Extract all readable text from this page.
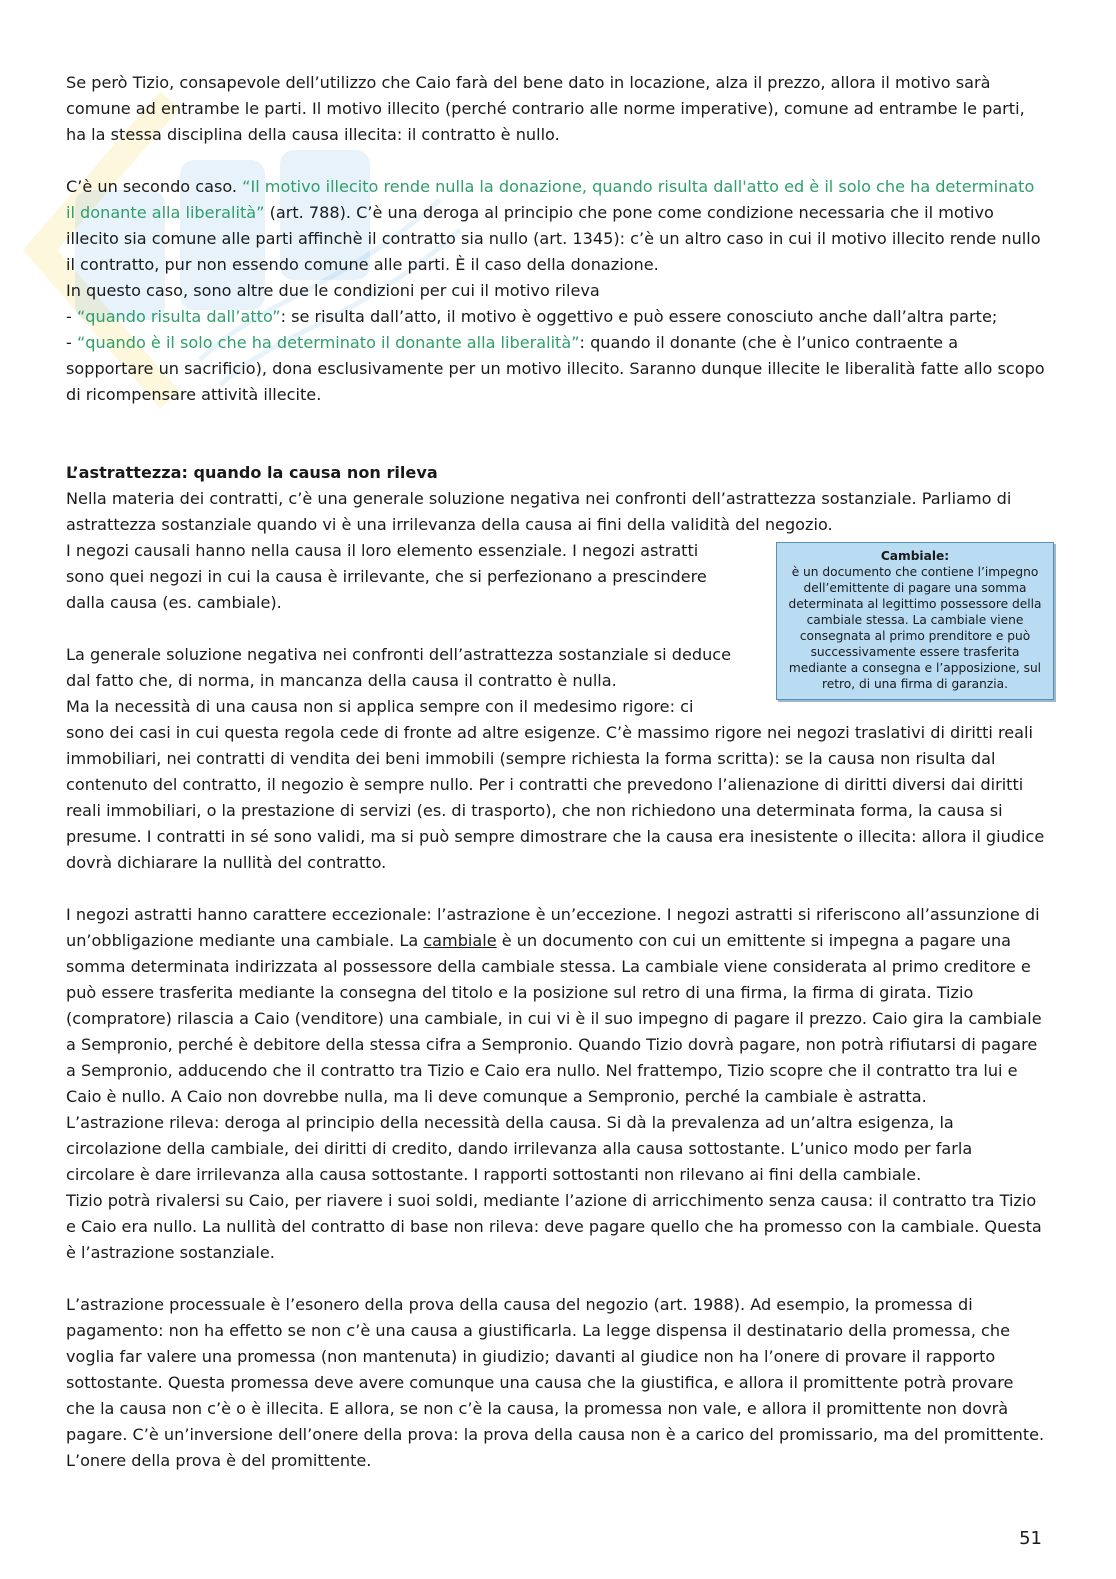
Se però Tizio, consapevole dell’utilizzo che Caio farà del bene dato in locazione, alza il prezzo, allora il motivo sarà comune ad entrambe le parti. Il motivo illecito (perché contrario alle norme imperative), comune ad entrambe le parti, ha la stessa disciplina della causa illecita: il contratto è nullo.

C’è un secondo caso. “Il motivo illecito rende nulla la donazione, quando risulta dall'atto ed è il solo che ha determinato il donante alla liberalità” (art. 788). C’è una deroga al principio che pone come condizione necessaria che il motivo illecito sia comune alle parti affinchè il contratto sia nullo (art. 1345): c’è un altro caso in cui il motivo illecito rende nullo il contratto, pur non essendo comune alle parti. È il caso della donazione.

In questo caso, sono altre due le condizioni per cui il motivo rileva

- “quando risulta dall’atto”: se risulta dall’atto, il motivo è oggettivo e può essere conosciuto anche dall’altra parte;

- “quando è il solo che ha determinato il donante alla liberalità”: quando il donante (che è l’unico contraente a sopportare un sacrificio), dona esclusivamente per un motivo illecito. Saranno dunque illecite le liberalità fatte allo scopo di ricompensare attività illecite.

L’astrattezza: quando la causa non rileva

Nella materia dei contratti, c’è una generale soluzione negativa nei confronti dell’astrattezza sostanziale. Parliamo di astrattezza sostanziale quando vi è una irrilevanza della causa ai fini della validità del negozio.

Cambiale:
è un documento che contiene l’impegno dell’emittente di pagare una somma determinata al legittimo possessore della cambiale stessa. La cambiale viene consegnata al primo prenditore e può successivamente essere trasferita mediante a consegna e l’apposizione, sul retro, di una firma di garanzia.

I negozi causali hanno nella causa il loro elemento essenziale. I negozi astratti sono quei negozi in cui la causa è irrilevante, che si perfezionano a prescindere dalla causa (es. cambiale).

La generale soluzione negativa nei confronti dell’astrattezza sostanziale si deduce dal fatto che, di norma, in mancanza della causa il contratto è nulla.

Ma la necessità di una causa non si applica sempre con il medesimo rigore: ci sono dei casi in cui questa regola cede di fronte ad altre esigenze. C’è massimo rigore nei negozi traslativi di diritti reali immobiliari, nei contratti di vendita dei beni immobili (sempre richiesta la forma scritta): se la causa non risulta dal contenuto del contratto, il negozio è sempre nullo. Per i contratti che prevedono l’alienazione di diritti diversi dai diritti reali immobiliari, o la prestazione di servizi (es. di trasporto), che non richiedono una determinata forma, la causa si presume. I contratti in sé sono validi, ma si può sempre dimostrare che la causa era inesistente o illecita: allora il giudice dovrà dichiarare la nullità del contratto.

I negozi astratti hanno carattere eccezionale: l’astrazione è un’eccezione. I negozi astratti si riferiscono all’assunzione di un’obbligazione mediante una cambiale. La cambiale è un documento con cui un emittente si impegna a pagare una somma determinata indirizzata al possessore della cambiale stessa. La cambiale viene considerata al primo creditore e può essere trasferita mediante la consegna del titolo e la posizione sul retro di una firma, la firma di girata. Tizio (compratore) rilascia a Caio (venditore) una cambiale, in cui vi è il suo impegno di pagare il prezzo. Caio gira la cambiale a Sempronio, perché è debitore della stessa cifra a Sempronio. Quando Tizio dovrà pagare, non potrà rifiutarsi di pagare a Sempronio, adducendo che il contratto tra Tizio e Caio era nullo. Nel frattempo, Tizio scopre che il contratto tra lui e Caio è nullo. A Caio non dovrebbe nulla, ma li deve comunque a Sempronio, perché la cambiale è astratta.

L’astrazione rileva: deroga al principio della necessità della causa. Si dà la prevalenza ad un’altra esigenza, la circolazione della cambiale, dei diritti di credito, dando irrilevanza alla causa sottostante. L’unico modo per farla circolare è dare irrilevanza alla causa sottostante. I rapporti sottostanti non rilevano ai fini della cambiale.

Tizio potrà rivalersi su Caio, per riavere i suoi soldi, mediante l’azione di arricchimento senza causa: il contratto tra Tizio e Caio era nullo. La nullità del contratto di base non rileva: deve pagare quello che ha promesso con la cambiale. Questa è l’astrazione sostanziale.

L’astrazione processuale è l’esonero della prova della causa del negozio (art. 1988). Ad esempio, la promessa di pagamento: non ha effetto se non c’è una causa a giustificarla. La legge dispensa il destinatario della promessa, che voglia far valere una promessa (non mantenuta) in giudizio; davanti al giudice non ha l’onere di provare il rapporto sottostante. Questa promessa deve avere comunque una causa che la giustifica, e allora il promittente potrà provare che la causa non c’è o è illecita. E allora, se non c’è la causa, la promessa non vale, e allora il promittente non dovrà pagare. C’è un’inversione dell’onere della prova: la prova della causa non è a carico del promissario, ma del promittente. L’onere della prova è del promittente.

51
